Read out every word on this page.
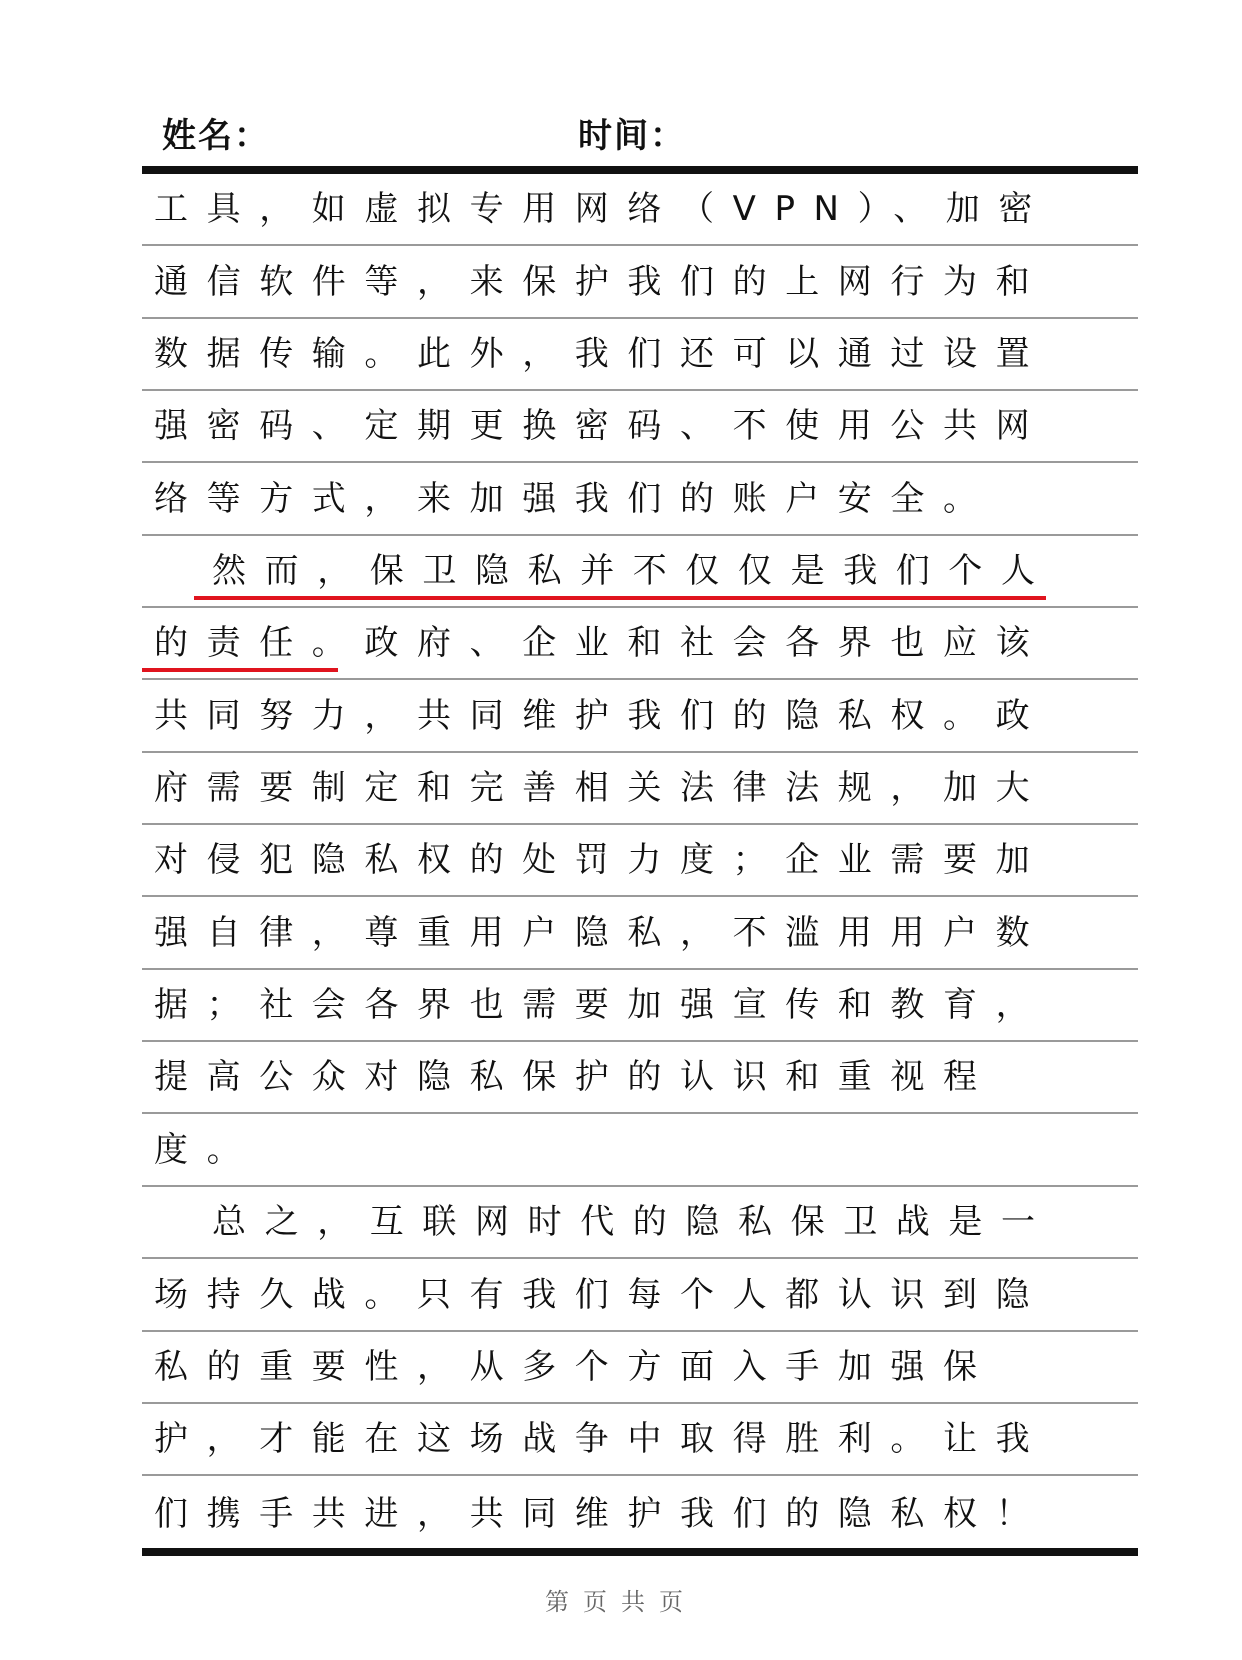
姓名：	时间：
工具，如虚拟专用网络（VPN）、加密
通信软件等，来保护我们的上网行为和
数据传输。此外，我们还可以通过设置
强密码、定期更换密码、不使用公共网
络等方式，来加强我们的账户安全。
然而，保卫隐私并不仅仅是我们个人
的责任。政府、企业和社会各界也应该
共同努力，共同维护我们的隐私权。政
府需要制定和完善相关法律法规，加大
对侵犯隐私权的处罚力度；企业需要加
强自律，尊重用户隐私，不滥用用户数
据；社会各界也需要加强宣传和教育，
提高公众对隐私保护的认识和重视程
度。
总之，互联网时代的隐私保卫战是一
场持久战。只有我们每个人都认识到隐
私的重要性，从多个方面入手加强保
护，才能在这场战争中取得胜利。让我
们携手共进，共同维护我们的隐私权！
第页共页
